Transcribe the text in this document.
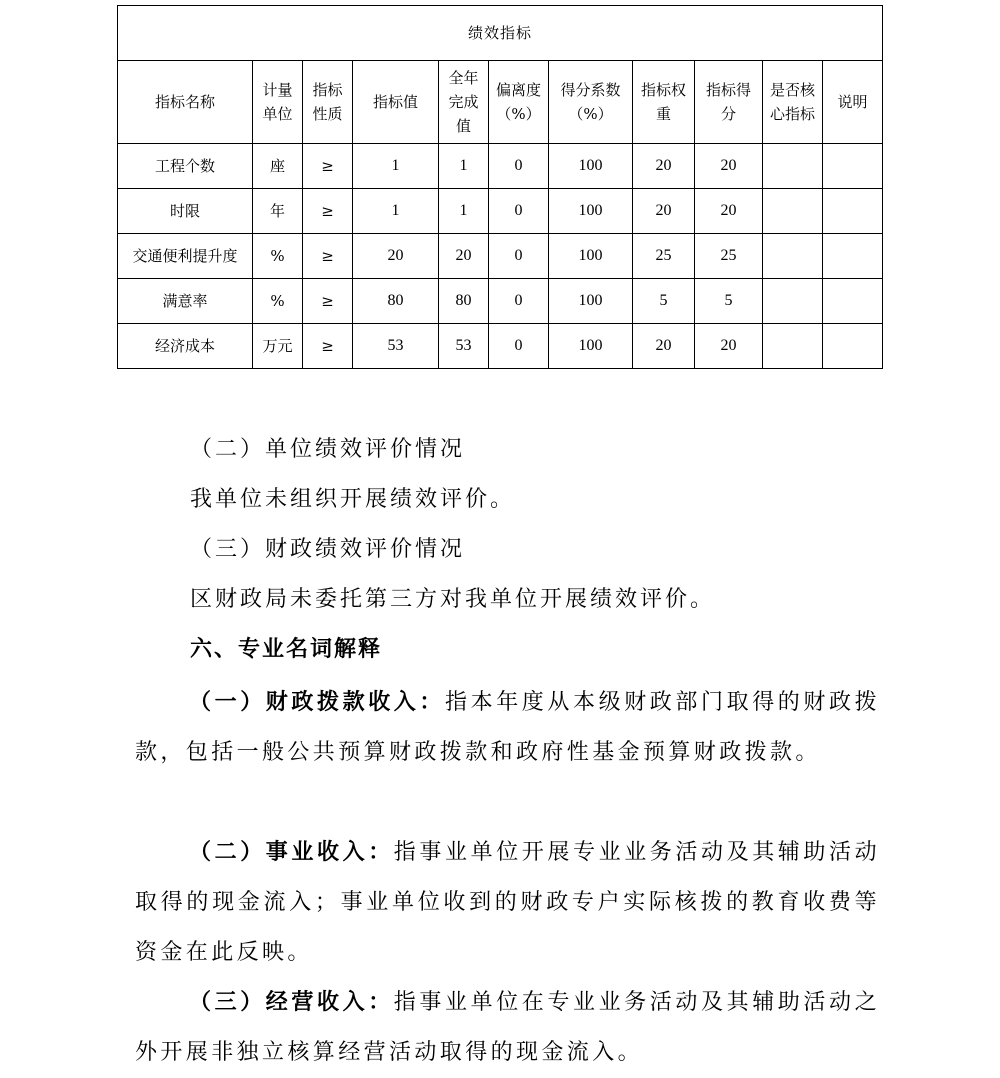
绩效指标										
指标名称	计量单位	指标性质	指标值	全年完成值	偏离度（%）	得分系数（%）	指标权重	指标得分	是否核心指标	说明
工程个数	座	≥	1	1	0	100	20	20		
时限	年	≥	1	1	0	100	20	20		
交通便利提升度	%	≥	20	20	0	100	25	25		
满意率	%	≥	80	80	0	100	5	5		
经济成本	万元	≥	53	53	0	100	20	20		
（二）单位绩效评价情况
我单位未组织开展绩效评价。
（三）财政绩效评价情况
区财政局未委托第三方对我单位开展绩效评价。
六、专业名词解释
（一）财政拨款收入：指本年度从本级财政部门取得的财政拨款，包括一般公共预算财政拨款和政府性基金预算财政拨款。
（二）事业收入：指事业单位开展专业业务活动及其辅助活动取得的现金流入；事业单位收到的财政专户实际核拨的教育收费等资金在此反映。
（三）经营收入：指事业单位在专业业务活动及其辅助活动之外开展非独立核算经营活动取得的现金流入。
